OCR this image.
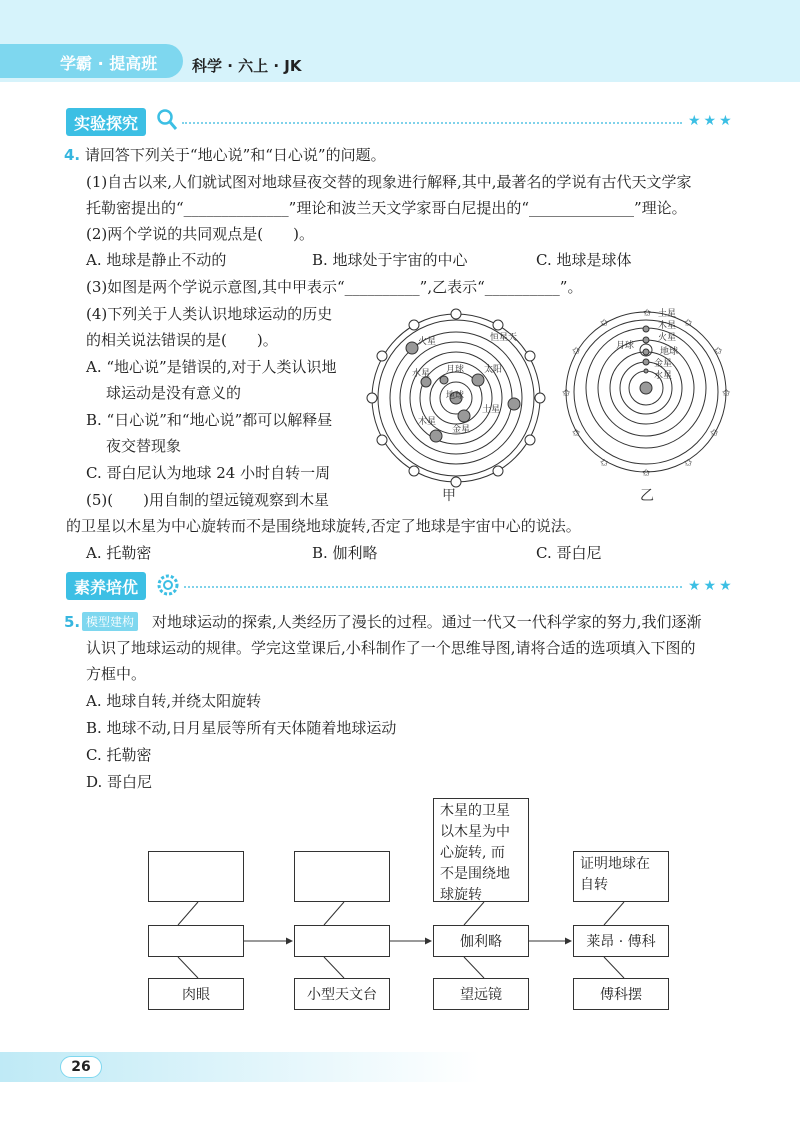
学霸 · 提高班 科学 · 六上 · JK
实验探究	★★★
4. 请回答下列关于“地心说”和“日心说”的问题。
(1)自古以来,人们就试图对地球昼夜交替的现象进行解释,其中,最著名的学说有古代天文学家
托勒密提出的“______________”理论和波兰天文学家哥白尼提出的“______________”理论。
(2)两个学说的共同观点是(　　)。
A. 地球是静止不动的	B. 地球处于宇宙的中心	C. 地球是球体
(3)如图是两个学说示意图,其中甲表示“__________”,乙表示“__________”。
(4)下列关于人类认识地球运动的历史
的相关说法错误的是(　　)。
A. “地心说”是错误的,对于人类认识地
球运动是没有意义的
B. “日心说”和“地心说”都可以解释昼
夜交替现象
C. 哥白尼认为地球 24 小时自转一周
(5)(　　)用自制的望远镜观察到木星
的卫星以木星为中心旋转而不是围绕地球旋转,否定了地球是宇宙中心的说法。
A. 托勒密	B. 伽利略	C. 哥白尼
火星	恒星天
水星 月球 太阳
地球
木星
土星
金星
甲
✩
✩
✩
✩
✩
✩
✩
✩
✩
✩
✩
✩
土星
木星
火星
地球
月球
金星
水星
乙
素养培优	★★★
5. 模型建构 对地球运动的探索,人类经历了漫长的过程。通过一代又一代科学家的努力,我们逐渐
认识了地球运动的规律。学完这堂课后,小科制作了一个思维导图,请将合适的选项填入下图的
方框中。
A. 地球自转,并绕太阳旋转
B. 地球不动,日月星辰等所有天体随着地球运动
C. 托勒密
D. 哥白尼
木星的卫星
以木星为中
心旋转, 而
不是围绕地
球旋转
证明地球在
自转
伽利略	莱昂 · 傅科
肉眼	小型天文台	望远镜	傅科摆
26
